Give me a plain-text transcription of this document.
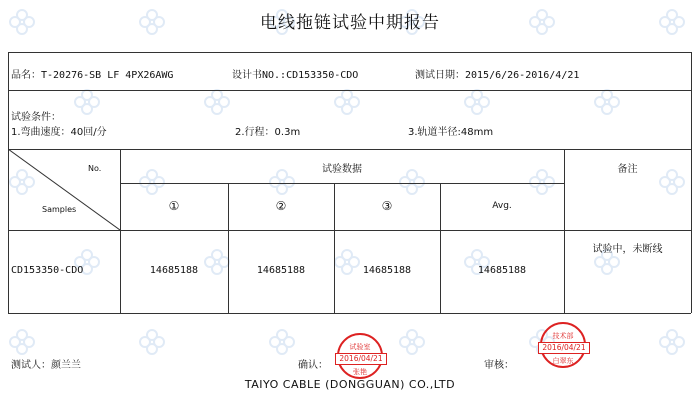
电线拖链试验中期报告
品名：T-20276-SB LF 4PX26AWG	设计书NO.:CD153350-CDO	测试日期：2015/6/26-2016/4/21
试验条件：
1.弯曲速度：40回/分	2.行程：0.3m	3.轨道半径:48mm
No.
Samples
试验数据	备注
①	②	③	Avg.
CD153350-CDO	14685188	14685188	14685188	14685188
试验中，未断线
测试人：颜兰兰	确认：	审核：
TAIYO CABLE (DONGGUAN) CO.,LTD
试验室
2016/04/21
张艳
技术部
2016/04/21
白翠东
